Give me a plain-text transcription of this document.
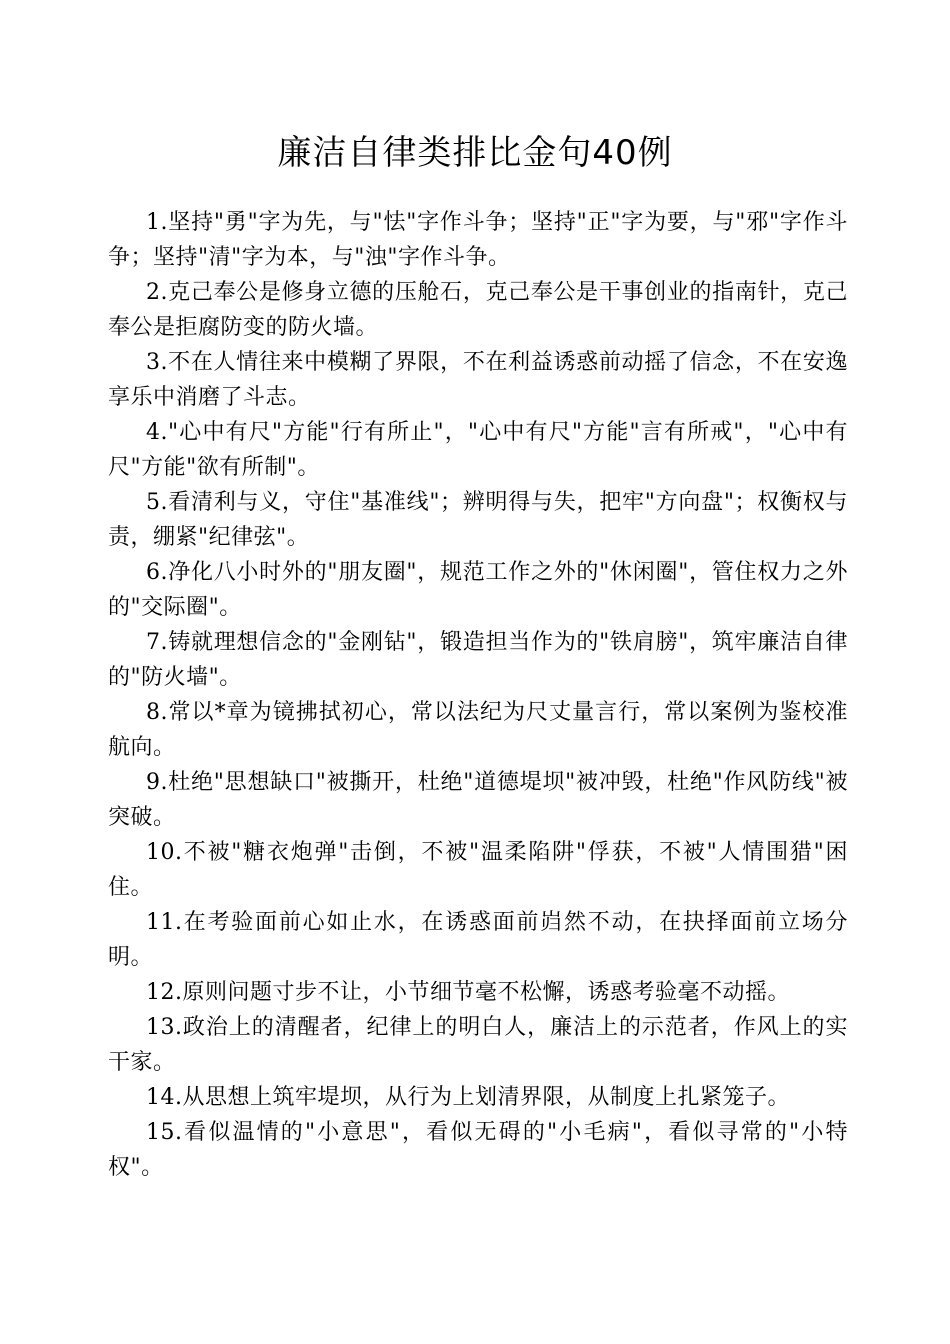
廉洁自律类排比金句40例

1.坚持"勇"字为先，与"怯"字作斗争；坚持"正"字为要，与"邪"字作斗争；坚持"清"字为本，与"浊"字作斗争。

2.克己奉公是修身立德的压舱石，克己奉公是干事创业的指南针，克己奉公是拒腐防变的防火墙。

3.不在人情往来中模糊了界限，不在利益诱惑前动摇了信念，不在安逸享乐中消磨了斗志。

4."心中有尺"方能"行有所止"，"心中有尺"方能"言有所戒"，"心中有尺"方能"欲有所制"。

5.看清利与义，守住"基准线"；辨明得与失，把牢"方向盘"；权衡权与责，绷紧"纪律弦"。

6.净化八小时外的"朋友圈"，规范工作之外的"休闲圈"，管住权力之外的"交际圈"。

7.铸就理想信念的"金刚钻"，锻造担当作为的"铁肩膀"，筑牢廉洁自律的"防火墙"。

8.常以*章为镜拂拭初心，常以法纪为尺丈量言行，常以案例为鉴校准航向。

9.杜绝"思想缺口"被撕开，杜绝"道德堤坝"被冲毁，杜绝"作风防线"被突破。

10.不被"糖衣炮弹"击倒，不被"温柔陷阱"俘获，不被"人情围猎"困住。

11.在考验面前心如止水，在诱惑面前岿然不动，在抉择面前立场分明。

12.原则问题寸步不让，小节细节毫不松懈，诱惑考验毫不动摇。

13.政治上的清醒者，纪律上的明白人，廉洁上的示范者，作风上的实干家。

14.从思想上筑牢堤坝，从行为上划清界限，从制度上扎紧笼子。

15.看似温情的"小意思"，看似无碍的"小毛病"，看似寻常的"小特权"。
